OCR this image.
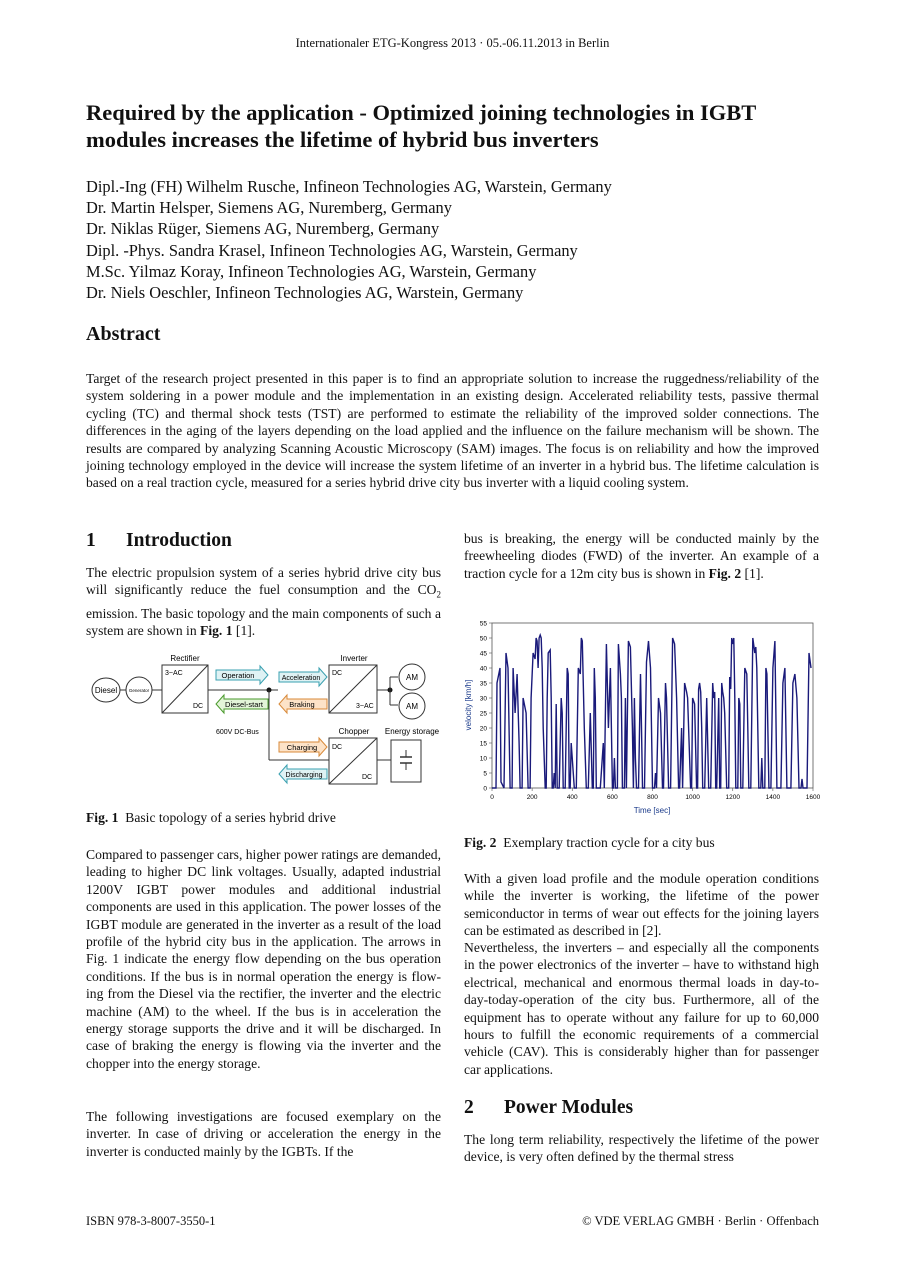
Internationaler ETG-Kongress 2013 · 05.-06.11.2013 in Berlin
Required by the application - Optimized joining technologies in IGBT modules increases the lifetime of hybrid bus inverters
Dipl.-Ing (FH) Wilhelm Rusche, Infineon Technologies AG, Warstein, Germany
Dr. Martin Helsper, Siemens AG, Nuremberg, Germany
Dr. Niklas Rüger, Siemens AG, Nuremberg, Germany
Dipl. -Phys. Sandra Krasel, Infineon Technologies AG, Warstein, Germany
M.Sc. Yilmaz Koray, Infineon Technologies AG, Warstein, Germany
Dr. Niels Oeschler, Infineon Technologies AG, Warstein, Germany
Abstract
Target of the research project presented in this paper is to find an appropriate solution to increase the ruggedness/reliability of the system soldering in a power module and the implementation in an existing design. Accelerated reliability tests, passive thermal cycling (TC) and thermal shock tests (TST) are performed to estimate the reliability of the improved solder connections. The differences in the aging of the layers depending on the load applied and the influence on the failure mechanism will be shown. The results are compared by analyzing Scanning Acoustic Microscopy (SAM) images. The focus is on reliability and how the improved joining technology employed in the device will increase the system lifetime of an inverter in a hybrid bus. The lifetime calculation is based on a real traction cycle, measured for a series hybrid drive city bus inverter with a liquid cooling system.
1 Introduction

The electric propulsion system of a series hybrid drive city bus will significantly reduce the fuel consumption and the $CO_2$ emission. The basic topology and the main components of such a system are shown in Fig. 1 [1].

Diesel	Generator
Rectifier
3~AC
DC
600V DC-Bus
Operation
Diesel-start
Acceleration
Braking
Inverter
DC
3~AC
AM
AM
Chopper
DC
DC
Charging
Discharging
Energy storage
Fig. 1 Basic topology of a series hybrid drive
Compared to passenger cars, higher power ratings are demanded, leading to higher DC link voltages. Usually, adapted industrial 1200V IGBT power modules and additional industrial components are used in this application. The power losses of the IGBT module are generated in the inverter as a result of the load profile of the hybrid city bus in the application. The arrows in Fig. 1 indicate the energy flow depending on the bus operation conditions. If the bus is in normal operation the energy is flowing from the Diesel via the rectifier, the inverter and the electric machine (AM) to the wheel. If the bus is in acceleration the energy storage supports the drive and it will be discharged. In case of braking the energy is flowing via the inverter and the chopper into the energy storage.
The following investigations are focused exemplary on the inverter. In case of driving or acceleration the energy in the inverter is conducted mainly by the IGBTs. If the

bus is breaking, the energy will be conducted mainly by the freewheeling diodes (FWD) of the inverter. An example of a traction cycle for a 12m city bus is shown in Fig. 2 [1].

0
5
10
15
20
25
30
35
40
45
50
55
0	200	400	600	800	1000	1200	1400	1600
Time [sec]
velocity [km/h]
Fig. 2 Exemplary traction cycle for a city bus
With a given load profile and the module operation conditions while the inverter is working, the lifetime of the power semiconductor in terms of wear out effects for the joining layers can be estimated as described in [2].
Nevertheless, the inverters – and especially all the components in the power electronics of the inverter – have to withstand high electrical, mechanical and enormous thermal loads in day-to-day-today-operation of the city bus. Furthermore, all of the equipment has to operate without any failure for up to 60,000 hours to fulfill the economic requirements of a commercial vehicle (CAV). This is considerably higher than for passenger car applications.
2 Power Modules
The long term reliability, respectively the lifetime of the power device, is very often defined by the thermal stress
ISBN 978-3-8007-3550-1	© VDE VERLAG GMBH · Berlin · Offenbach
